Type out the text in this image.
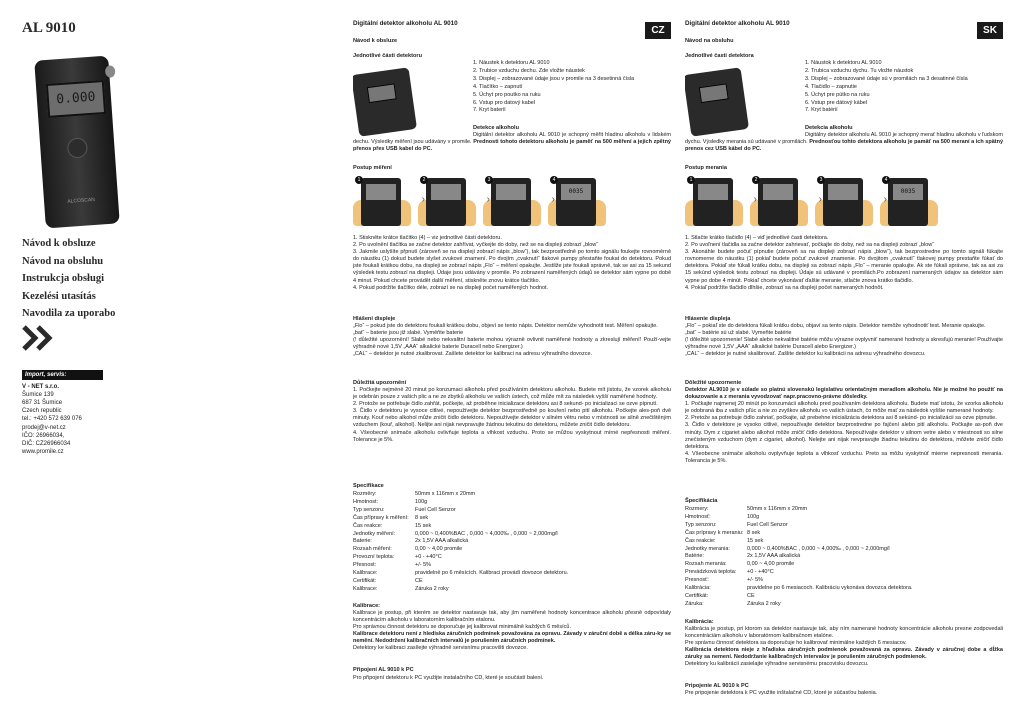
AL 9010
0.000
ALCOSCAN
Návod k obsluze
Návod na obsluhu
Instrukcja obsługi
Kezelési utasítás
Navodila za uporabo
Import, servis:
V - NET s.r.o.
Šumice 139
687 31 Šumice
Czech republic
tel.: +420 572 639 076
prodej@v-net.cz
IČO: 26966034,
DIČ: CZ26966034
www.promile.cz
CZ
Digitální detektor alkoholu AL 9010
Návod k obsluze
Jednotlivé části detektoru
1. Náustek k detektoru AL 9010
2. Trubice vzduchu dechu. Zde vložte náustek
3. Displej – zobrazované údaje jsou v promile na 3 desetinná čísla
4. Tlačítko – zapnutí
5. Úchyt pro poutko na ruku
6. Vstup pro datový kabel
7. Kryt baterií
Detekce alkoholu
Digitální detektor alkoholu AL 9010 je schopný měřit hladinu alkoholu v lidském dechu. Výsledky měření jsou udávány v promile. Prednosti tohoto detektoru alkoholu je paměť na 500 měření a jejich zpětný přenos přes USB kabel do PC.
Postup měření
1
›
2
›
3
›
0035
4
1. Stiskněte krátce tlačítko (4) – viz jednotlivé části detektoru.
2. Po uvolnění tlačítka se začne detektor zahřívat, vyčkejte do doby, než se na displeji zobrazí „blow“
3. Jakmile uslyšíte přpnutí (zároveň se na displeji zobrazí nápis „blow“), tak bezprostředně po tomto signálu foukejte rovnoměrně do náustku (1) dokud budete slyšet zvukové znamení. Po dvojím „cvaknutí“ tlakové pumpy přestaňte foukat do detektoru. Pokud jste foukali krátkou dobu, na displeji se zobrazí nápis „Flo“ – měření opakujte. Jestliže jste foukali správně, tak se asi za 15 sekund výsledek testu zobrazí na displeji. Údaje jsou udávány v promile. Po zobrazení naměřených údajů se detektor sám vypne po době 4 minut. Pokud chcete provádět další měření, stiskněte znovu krátce tlačítko.
4. Pokud podržíte tlačítko déle, zobrazí se na displeji počet naměřených hodnot.
Hlášení displeje
„Flo“ – pokud jste do detektoru foukali krátkou dobu, objeví se tento nápis. Detektor nemůže vyhodnotit test. Měření opakujte.
„bat“ – baterie jsou již slabé. Vyměňte baterie
(! důležité upozornění! Slabé nebo nekvalitní baterie mohou výrazně ovlivnit naměřené hodnoty a zkreslují měření! Použí-vejte výhradně nové 1,5V „AAA“ alkalické baterie Duracell nebo Energizer.)
„CAL“ – detektor je nutné zkalibrovat. Zašlete detektor ke kalibraci na adresu výhradního dovozce.
Důležitá upozornění
1. Počkejte nejméně 20 minut po konzumaci alkoholu před používáním detektoru alkoholu. Budete mít jistotu, že vzorek alkoholu je odebrán pouze z vašich plic a ne ze zbytků alkoholu ve vašich ústech, což může mít za následek vyšší naměřené hodnoty.
2. Protože se potřebuje čidlo zahřát, počkejte, až proběhne inicializace detektoru asi 8 sekund- po inicializaci se ozve pípnutí.
3. Čidlo v detektoru je vysoce citlivé, nepoužívejte detektor bezprostředně po kouření nebo pití alkoholu. Počkejte ales-poň dvě minuty. Kouř nebo alkohol může zničit čidlo detektoru. Nepoužívejte detektor v silném větru nebo v místnosti se silně znečištěným vzduchem (kouř, alkohol). Nelijte ani nijak nevpravujte žádnou tekutinu do detektoru, můžete zničit čidlo detektoru.
4. Všeobecné snímače alkoholu ovlivňuje teplota a vlhkost vzduchu. Proto se můžou vyskytnout mírné nepřesnosti měření. Tolerance je 5%.
Specifikace
Rozměry:	50mm x 116mm x 20mm
Hmotnost:	100g
Typ senzoru:	Fuel Cell Senzor
Čas přípravy k měření:	8 sek
Čas reakce:	15 sek
Jednotky měření:	0,000 ~ 0,400%BAC , 0,000 ~ 4,000‰ , 0,000 ~ 2,000mg/l
Baterie:	2x 1,5V AAA alkalická
Rozsah měření:	0,00 ~ 4,00 promile
Provozní teplota:	+0 - +40°C
Přesnost:	+/- 5%
Kalibrace:	pravidelně po 6 měsících. Kalibraci provádí dovozce detektoru.
Certifikát:	CE
Kalibrace:	Záruka 2 roky
Kalibrace:
Kalibrace je postup, při kterém se detektor nastavuje tak, aby jím naměřené hodnoty koncentrace alkoholu přesně odpovídaly koncentrácím alkoholu v laboratorním kalibračním etalonu.
Pro správnou činnost detektoru se doporučuje jej kalibrovat minimálně každých 6 měsíců.
Kalibrace detektoru není z hlediska záručních podmínek považována za opravu. Závady v záruční době a délka záru-ky se nemění. Nedodržení kalibračních intervalů je porušením záručních podmínek.
Detektory ke kalibraci zasílejte výhradně servisnímu pracovišti dovozce.
Připojení AL 9010 k PC
Pro připojení detektoru k PC využijte instalačního CD, které je součástí balení.
SK
Digitální detektor alkoholu AL 9010
Návod na obsluhu
Jednotlivé časti detektora
1. Náustok k detektoru AL 9010
2. Trubica vzduchu dychu. Tu vložte náustok
3. Displej – zobrazované údaje sú v promilách na 3 desatinné čísla
4. Tlačidlo – zapnutie
5. Úchyt pre pútko na ruku
6. Vstup pre dátový kábel
7. Kryt batérií
Detekcia alkoholu
Digitálny detektor alkoholu AL 9010 je schopný merať hladinu alkoholu v ľudskom dychu. Výsledky merania sú udávané v promilách. Prednosťou tohto detektora alkoholu je pamäť na 500 meraní a ich spätný prenos cez USB kábel do PC.
Postup merania
1
›
2
›
3
›
0035
4
1. Stlačte krátko tlačidlo (4) – viď jednotlivé časti detektora.
2. Po uvoľnení tlačidla sa začne detektor zahrievať, počkajte do doby, než sa na displeji zobrazí „blow“
3. Akonáhle budete počuť pípnutie (zároveň sa na displeji zobrazí nápis „blow“), tak bezprostredne po tomto signáli fúkajte rovnomerne do náustku (1) pokiaľ budete počuť zvukové znamenie. Po dvojitom „cvaknutí“ tlakovej pumpy prestaňte fúkať do detektora. Pokiaľ ste fúkali krátku dobu, na displeji sa zobrazí nápis „Flo“ – meranie opakujte. Ak ste fúkali správne, tak sa asi za 15 sekúnd výsledok testu zobrazí na displeji. Údaje sú udávané v promilách.Po zobrazení nameraných údajov sa detektor sám vypne po dobe 4 minút. Pokiaľ chcete vykonávať ďalšie meranie, stlačte znova krátko tlačidlo.
4. Pokiaľ podržíte tlačidlo dlhšie, zobrazí sa na displeji počet nameraných hodnôt.
Hlásenie displeja
„Flo“ – pokiaľ ste do detektora fúkali krátku dobu, objaví sa tento nápis. Detektor nemôže vyhodnotiť test. Meranie opakujte.
„bat“ – batérie sú už slabé. Vymeňte batérie
(! dôležité upozornenie! Slabé alebo nekvalitné batérie môžu výrazne ovplyvniť namerané hodnoty a skresľujú meranie! Používajte výhradne nové 1,5V „AAA“ alkalické batérie Duracell alebo Energizer.)
„CAL“ – detektor je nutné skalibrovať. Zašlite detektor ku kalibrácii na adresu výhradného dovozcu.
Dôležité upozornenie
Detektor AL9010 je v súlade so platnú slovenskú legislatívu orientačným meradlom alkoholu. Nie je možné ho použiť na dokazovanie a z merania vyvodzovať napr.pracovno-právne dôsledky.
1. Počkajte najmenej 20 minút po konzumácii alkoholu pred používaním detektora alkoholu. Budete mať istotu, že vzorka alkoholu je odobraná iba z vašich pľúc a nie zo zvyškov alkoholu vo vašich ústach, čo môže mať za následok vyššie namerané hodnoty.
2. Pretože sa potrebuje čidlo zahriať, počkajte, až prebehne inicializácia detektora asi 8 sekúnd- po inicializácii sa ozve pípnutie.
3. Čidlo v detektore je vysoko citlivé, nepoužívajte detektor bezprostredne po fajčení alebo pití alkoholu. Počkajte as-poň dve minúty. Dym z cigariet alebo alkohol môže zničiť čidlo detektora. Nepoužívajte detektor v silnom vetre alebo v miestnosti so silne znečisteným vzduchom (dym z cigariet, alkohol). Nelejte ani nijak nevpravujte žiadnu tekutinu do detektora, môžete zničiť čidlo detektora.
4. Všeobecne snímače alkoholu ovplyvňuje teplota a vlhkosť vzduchu. Preto sa môžu vyskytnúť mierne nepresnosti merania. Tolerancia je 5%.
Špecifikácia
Rozmery:	50mm x 116mm x 20mm
Hmotnosť:	100g
Typ senzoru:	Fuel Cell Senzor
Čas prípravy k meraniu:	8 sek
Čas reakcie:	15 sek
Jednotky merania:	0,000 ~ 0,400%BAC , 0,000 ~ 4,000‰ , 0,000 ~ 2,000mg/l
Batérie:	2x 1,5V AAA alkalická
Rozsah merania:	0,00 ~ 4,00 promile
Prevádzková teplota:	+0 - +40°C
Presnosť:	+/- 5%
Kalibrácia:	pravidelne po 6 mesiacoch. Kalibráciu vykonáva dovozca detektora.
Certifikát:	CE
Záruka:	Záruka 2 roky
Kalibrácia:
Kalibrácia je postup, pri ktorom sa detektor nastavuje tak, aby ním namerané hodnoty koncentrácie alkoholu presne zodpovedali koncentráciám alkoholu v laboratórnom kalibračnom etalóne.
Pre správnu činnosť detektora sa doporučuje ho kalibrovať minimálne každých 6 mesiacov.
Kalibrácia detektora nieje z hľadiska záručných podmienok považovaná za opravu. Závady v záručnej dobe a dĺžka záruky sa nemení. Nedodržanie kalibračných intervalov je porušením záručných podmienok.
Detektory ku kalibrácii zasielajte výhradne servisnému pracovisku dovozcu.
Pripojenie AL 9010 k PC
Pre pripojenie detektora k PC využite inštalačné CD, ktoré je súčasťou balenia.
